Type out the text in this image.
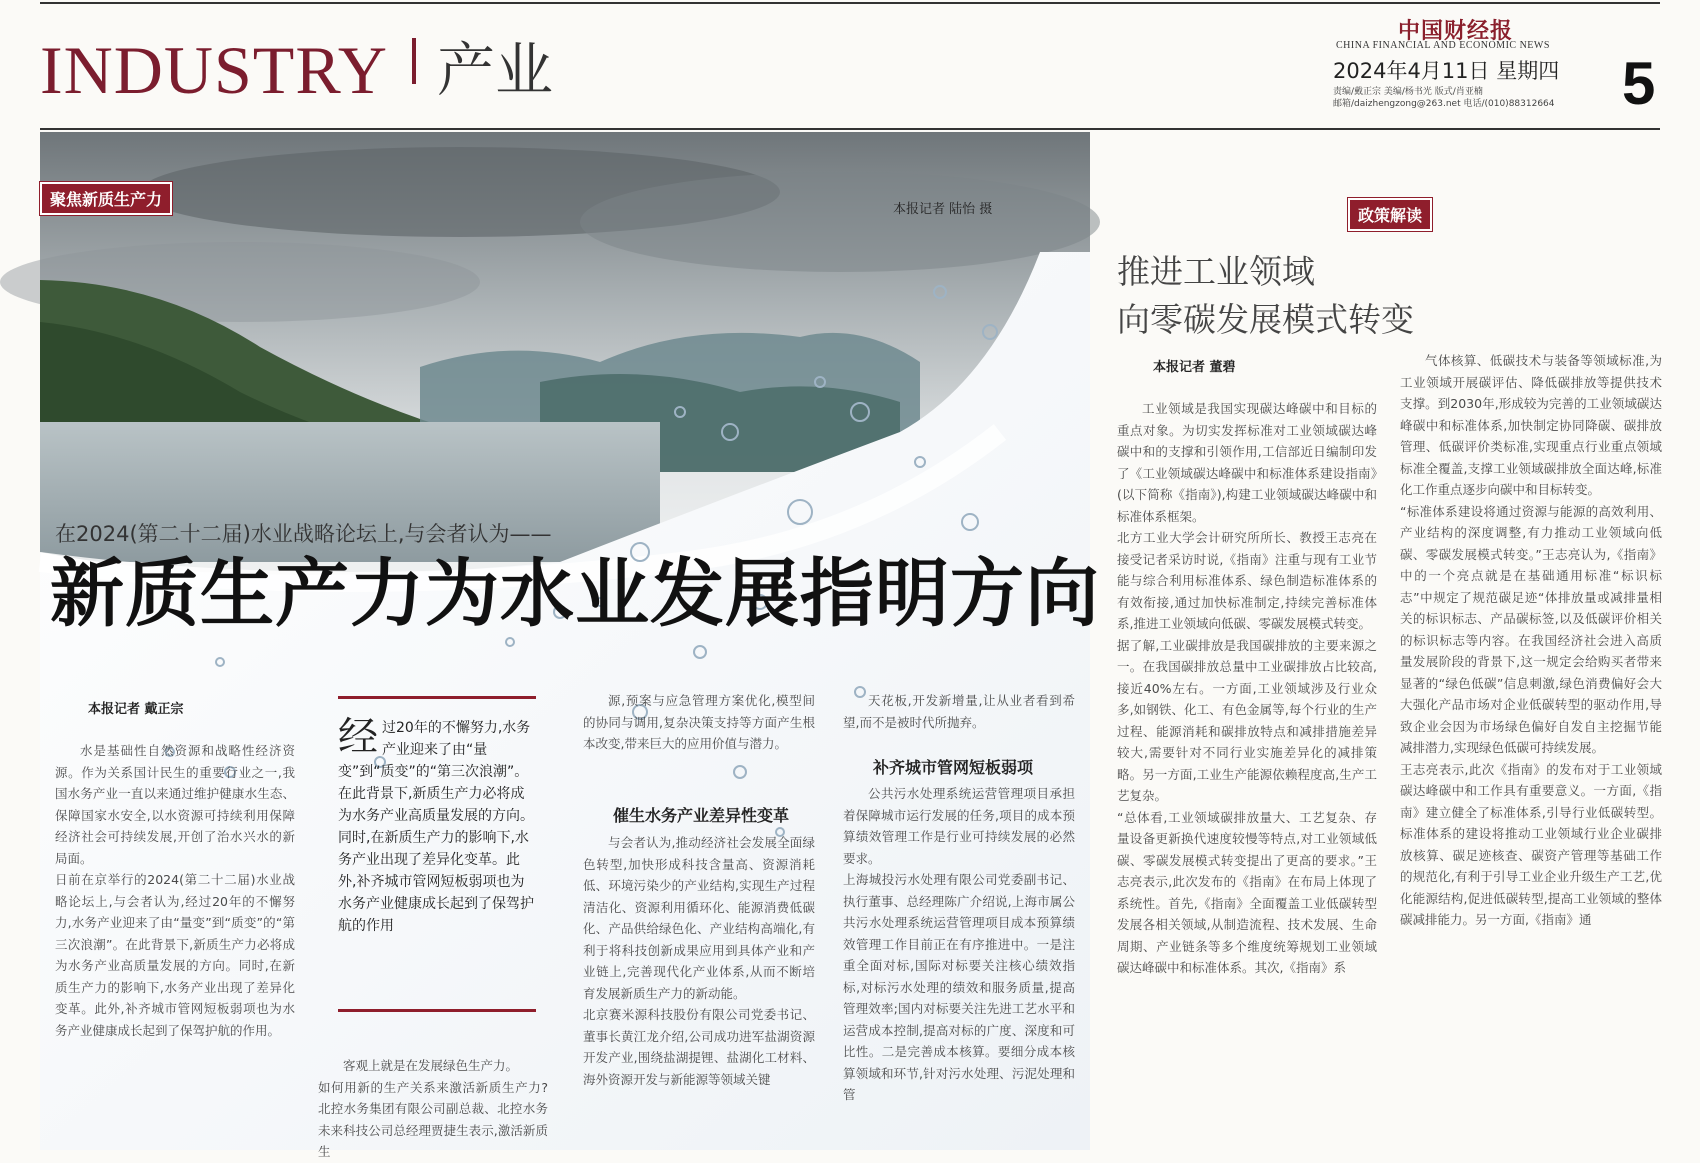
INDUSTRY 产业
中国财经报
CHINA FINANCIAL AND ECONOMIC NEWS
2024年4月11日 星期四
责编/戴正宗 美编/杨书光 版式/肖亚楠
邮箱/daizhengzong@263.net 电话/(010)88312664	5
聚焦新质生产力
本报记者 陆怡 摄
在2024(第二十二届)水业战略论坛上,与会者认为——
新质生产力为水业发展指明方向
本报记者 戴正宗

水是基础性自然资源和战略性经济资源。作为关系国计民生的重要行业之一,我国水务产业一直以来通过维护健康水生态、保障国家水安全,以水资源可持续利用保障经济社会可持续发展,开创了治水兴水的新局面。
日前在京举行的2024(第二十二届)水业战略论坛上,与会者认为,经过20年的不懈努力,水务产业迎来了由“量变”到“质变”的“第三次浪潮”。在此背景下,新质生产力必将成为水务产业高质量发展的方向。同时,在新质生产力的影响下,水务产业出现了差异化变革。此外,补齐城市管网短板弱项也为水务产业健康成长起到了保驾护航的作用。

经 过20年的不懈努力,水务产业迎来了由“量变”到“质变”的“第三次浪潮”。在此背景下,新质生产力必将成为水务产业高质量发展的方向。同时,在新质生产力的影响下,水务产业出现了差异化变革。此外,补齐城市管网短板弱项也为水务产业健康成长起到了保驾护航的作用

客观上就是在发展绿色生产力。
如何用新的生产关系来激活新质生产力?北控水务集团有限公司副总裁、北控水务未来科技公司总经理贾捷生表示,激活新质生

源,预案与应急管理方案优化,模型间的协同与调用,复杂决策支持等方面产生根本改变,带来巨大的应用价值与潜力。

催生水务产业差异性变革

与会者认为,推动经济社会发展全面绿色转型,加快形成科技含量高、资源消耗低、环境污染少的产业结构,实现生产过程清洁化、资源利用循环化、能源消费低碳化、产品供给绿色化、产业结构高端化,有利于将科技创新成果应用到具体产业和产业链上,完善现代化产业体系,从而不断培育发展新质生产力的新动能。
北京赛米源科技股份有限公司党委书记、董事长黄江龙介绍,公司成功进军盐湖资源开发产业,围绕盐湖提锂、盐湖化工材料、海外资源开发与新能源等领域关键

天花板,开发新增量,让从业者看到希望,而不是被时代所抛弃。

补齐城市管网短板弱项

公共污水处理系统运营管理项目承担着保障城市运行发展的任务,项目的成本预算绩效管理工作是行业可持续发展的必然要求。
上海城投污水处理有限公司党委副书记、执行董事、总经理陈广介绍说,上海市属公共污水处理系统运营管理项目成本预算绩效管理工作目前正在有序推进中。一是注重全面对标,国际对标要关注核心绩效指标,对标污水处理的绩效和服务质量,提高管理效率;国内对标要关注先进工艺水平和运营成本控制,提高对标的广度、深度和可比性。二是完善成本核算。要细分成本核算领域和环节,针对污水处理、污泥处理和管

政策解读
推进工业领域
向零碳发展模式转变
本报记者 董碧

工业领域是我国实现碳达峰碳中和目标的重点对象。为切实发挥标准对工业领域碳达峰碳中和的支撑和引领作用,工信部近日编制印发了《工业领域碳达峰碳中和标准体系建设指南》(以下简称《指南》),构建工业领域碳达峰碳中和标准体系框架。
北方工业大学会计研究所所长、教授王志亮在接受记者采访时说,《指南》注重与现有工业节能与综合利用标准体系、绿色制造标准体系的有效衔接,通过加快标准制定,持续完善标准体系,推进工业领域向低碳、零碳发展模式转变。
据了解,工业碳排放是我国碳排放的主要来源之一。在我国碳排放总量中工业碳排放占比较高,接近40%左右。一方面,工业领域涉及行业众多,如钢铁、化工、有色金属等,每个行业的生产过程、能源消耗和碳排放特点和减排措施差异较大,需要针对不同行业实施差异化的减排策略。另一方面,工业生产能源依赖程度高,生产工艺复杂。
“总体看,工业领域碳排放量大、工艺复杂、存量设备更新换代速度较慢等特点,对工业领域低碳、零碳发展模式转变提出了更高的要求。”王志亮表示,此次发布的《指南》在布局上体现了系统性。首先,《指南》全面覆盖工业低碳转型发展各相关领域,从制造流程、技术发展、生命周期、产业链条等多个维度统筹规划工业领域碳达峰碳中和标准体系。其次,《指南》系

气体核算、低碳技术与装备等领域标准,为工业领域开展碳评估、降低碳排放等提供技术支撑。到2030年,形成较为完善的工业领域碳达峰碳中和标准体系,加快制定协同降碳、碳排放管理、低碳评价类标准,实现重点行业重点领域标准全覆盖,支撑工业领域碳排放全面达峰,标准化工作重点逐步向碳中和目标转变。
“标准体系建设将通过资源与能源的高效利用、产业结构的深度调整,有力推动工业领域向低碳、零碳发展模式转变。”王志亮认为,《指南》中的一个亮点就是在基础通用标准“标识标志”中规定了规范碳足迹“体排放量或减排量相关的标识标志、产品碳标签,以及低碳评价相关的标识标志等内容。在我国经济社会进入高质量发展阶段的背景下,这一规定会给购买者带来显著的“绿色低碳”信息刺激,绿色消费偏好会大大强化产品市场对企业低碳转型的驱动作用,导致企业会因为市场绿色偏好自发自主挖掘节能减排潜力,实现绿色低碳可持续发展。
王志亮表示,此次《指南》的发布对于工业领域碳达峰碳中和工作具有重要意义。一方面,《指南》建立健全了标准体系,引导行业低碳转型。标准体系的建设将推动工业领域行业企业碳排放核算、碳足迹核查、碳资产管理等基础工作的规范化,有利于引导工业企业升级生产工艺,优化能源结构,促进低碳转型,提高工业领域的整体碳减排能力。另一方面,《指南》通
